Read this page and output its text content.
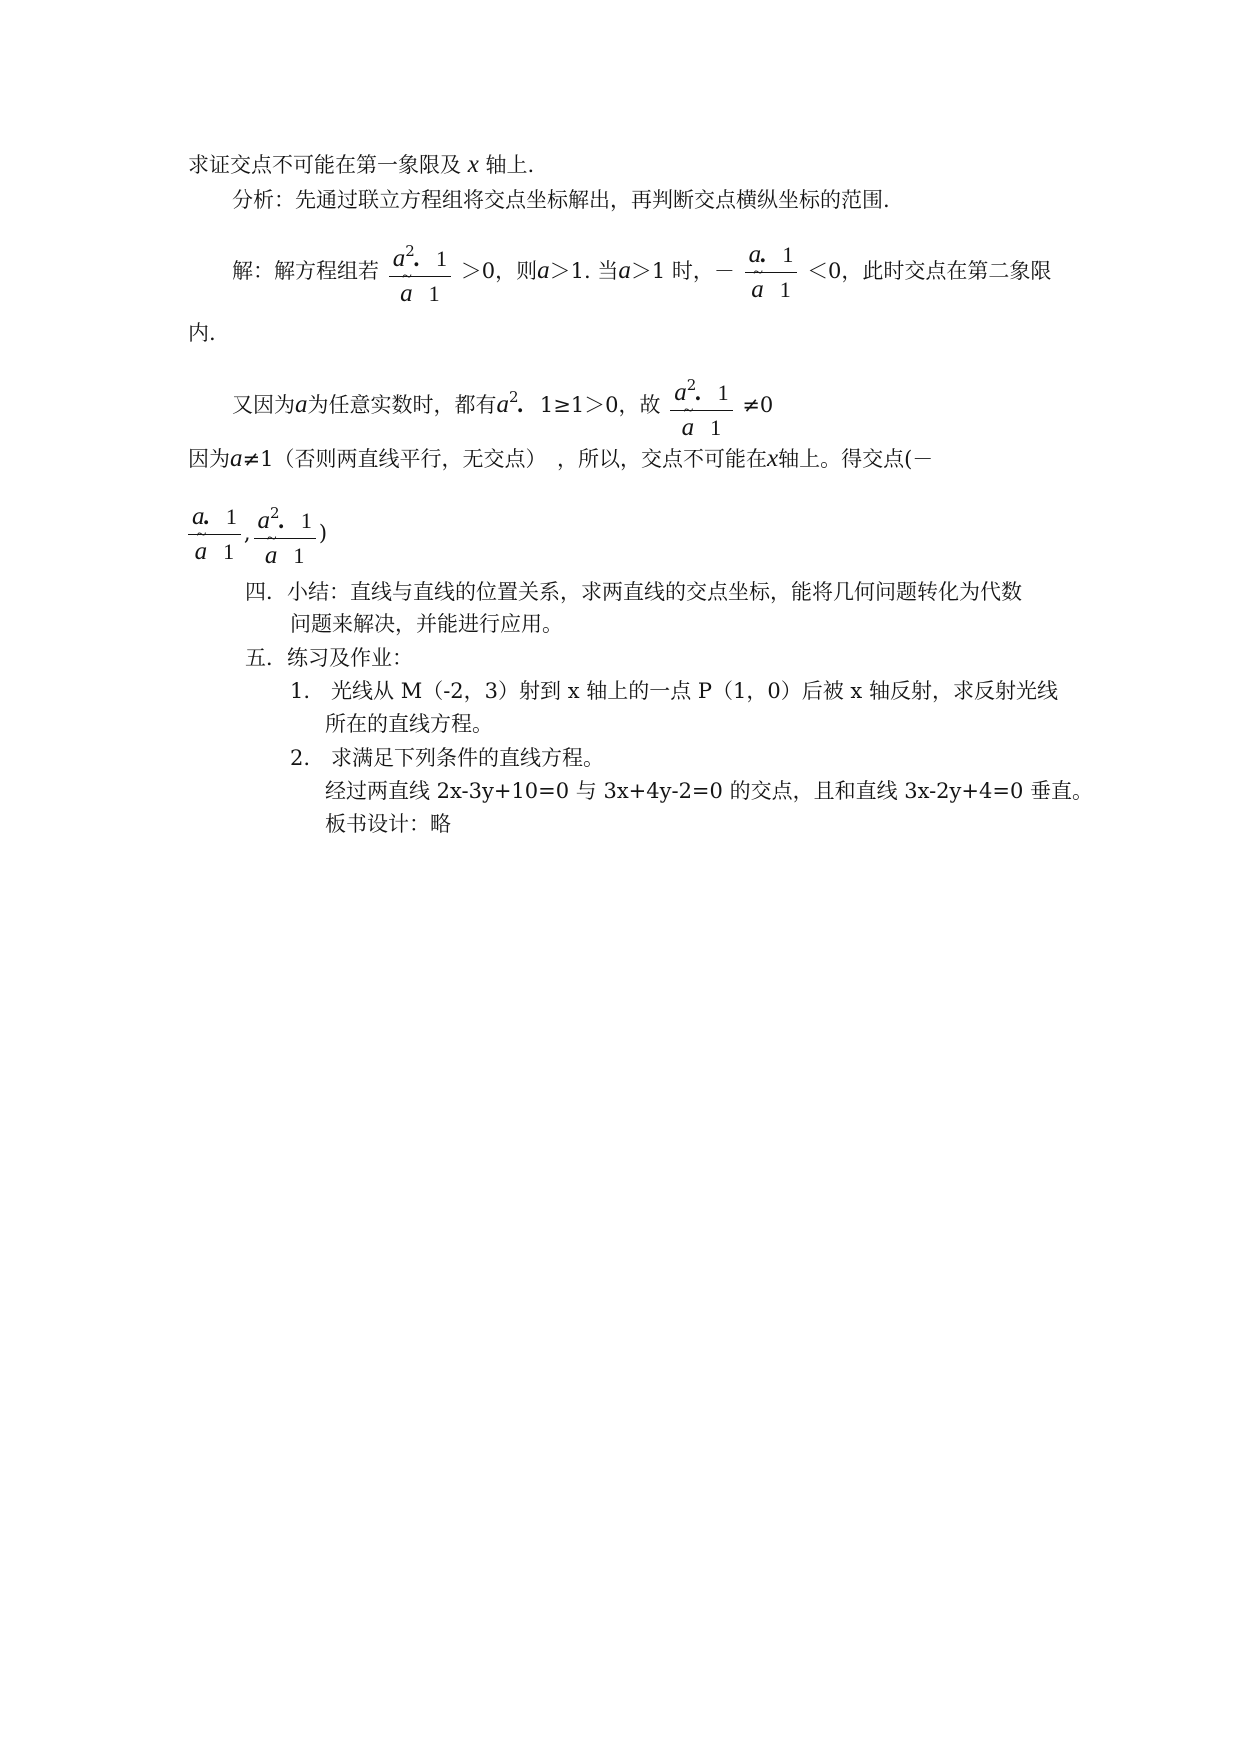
求证交点不可能在第一象限及 x 轴上.
分析：先通过联立方程组将交点坐标解出，再判断交点横纵坐标的范围.
解：解方程组若 $\frac{a^2. 1}{a \sim 1} >0$，则a＞1. 当a＞1 时，－ $\frac{a. 1}{a \sim 1} <0$，此时交点在第二象限
内.
又因为a为任意实数时，都有$a^2$. 1≥1＞0，故 $\frac{a^2. 1}{a \sim 1} \ne 0$
因为a≠1（否则两直线平行，无交点）　，所以，交点不可能在x轴上。得交点(－
$\frac{a. 1}{a \sim 1}$ , $\frac{a^2. 1}{a \sim 1}$ )
四．小结：直线与直线的位置关系，求两直线的交点坐标，能将几何问题转化为代数
问题来解决，并能进行应用。
五．练习及作业：
1.　光线从 M（-2，3）射到 x 轴上的一点 P（1，0）后被 x 轴反射，求反射光线
所在的直线方程。
2.　求满足下列条件的直线方程。
经过两直线 2x-3y+10=0 与 3x+4y-2=0 的交点，且和直线 3x-2y+4=0 垂直。
板书设计：略
